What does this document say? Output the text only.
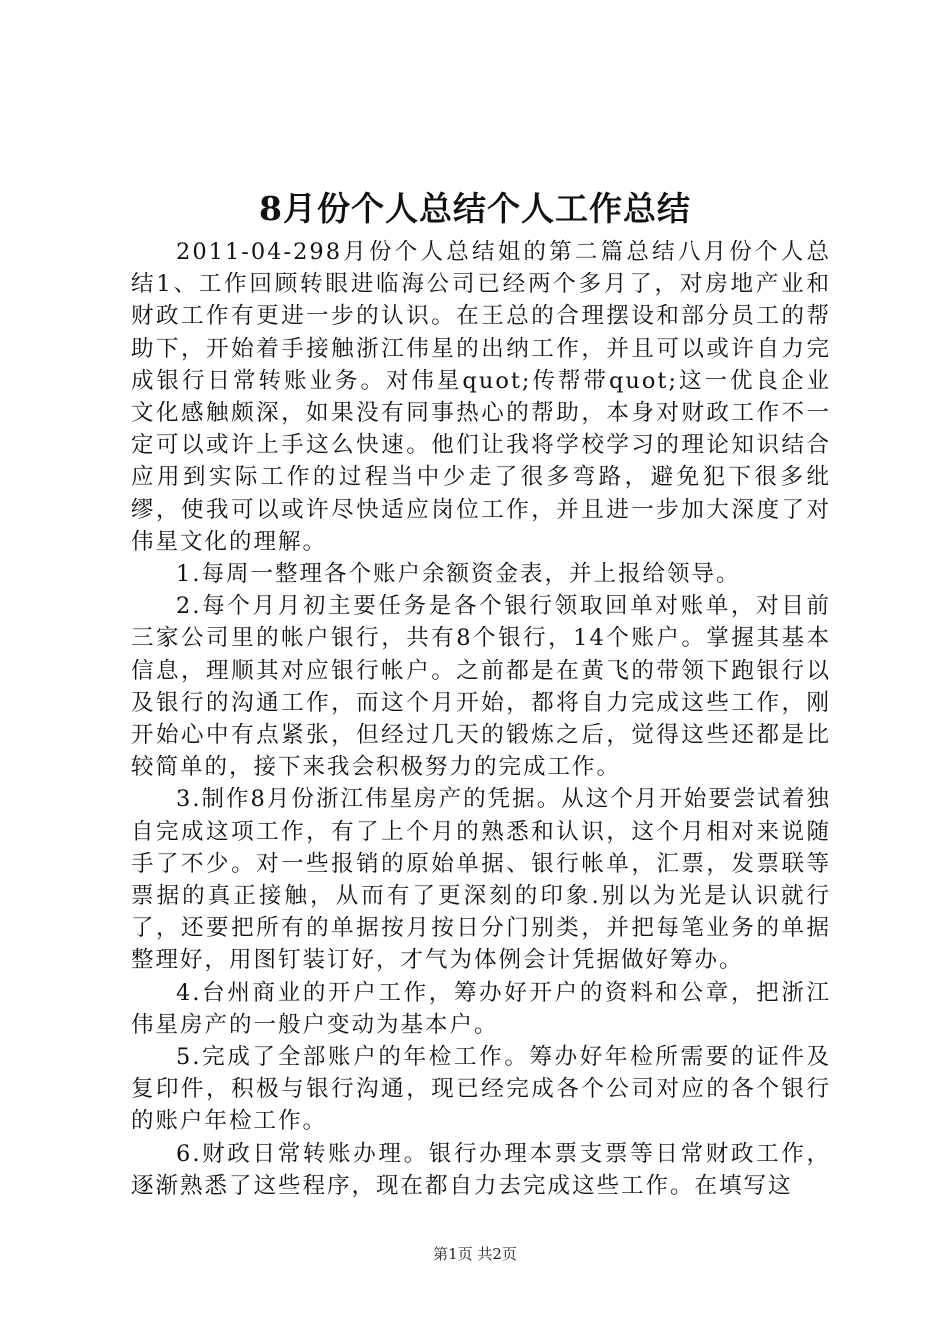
8月份个人总结个人工作总结

2011-04-298月份个人总结姐的第二篇总结八月份个人总结1、工作回顾转眼进临海公司已经两个多月了，对房地产业和财政工作有更进一步的认识。在王总的合理摆设和部分员工的帮助下，开始着手接触浙江伟星的出纳工作，并且可以或许自力完成银行日常转账业务。对伟星quot;传帮带quot;这一优良企业文化感触颇深，如果没有同事热心的帮助，本身对财政工作不一定可以或许上手这么快速。他们让我将学校学习的理论知识结合应用到实际工作的过程当中少走了很多弯路，避免犯下很多纰缪，使我可以或许尽快适应岗位工作，并且进一步加大深度了对伟星文化的理解。

1.每周一整理各个账户余额资金表，并上报给领导。

2.每个月月初主要任务是各个银行领取回单对账单，对目前三家公司里的帐户银行，共有8个银行，14个账户。掌握其基本信息，理顺其对应银行帐户。之前都是在黄飞的带领下跑银行以及银行的沟通工作，而这个月开始，都将自力完成这些工作，刚开始心中有点紧张，但经过几天的锻炼之后，觉得这些还都是比较简单的，接下来我会积极努力的完成工作。

3.制作8月份浙江伟星房产的凭据。从这个月开始要尝试着独自完成这项工作，有了上个月的熟悉和认识，这个月相对来说随手了不少。对一些报销的原始单据、银行帐单，汇票，发票联等票据的真正接触，从而有了更深刻的印象.别以为光是认识就行了，还要把所有的单据按月按日分门别类，并把每笔业务的单据整理好，用图钉装订好，才气为体例会计凭据做好筹办。

4.台州商业的开户工作，筹办好开户的资料和公章，把浙江伟星房产的一般户变动为基本户。

5.完成了全部账户的年检工作。筹办好年检所需要的证件及复印件，积极与银行沟通，现已经完成各个公司对应的各个银行的账户年检工作。

6.财政日常转账办理。银行办理本票支票等日常财政工作，逐渐熟悉了这些程序，现在都自力去完成这些工作。在填写这

第1页 共2页
